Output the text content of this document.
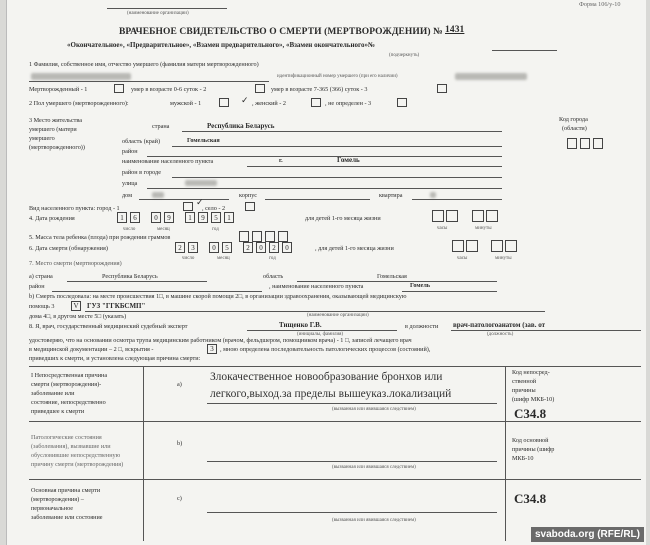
Форма 106/у-10
(наименование организации)
ВРАЧЕБНОЕ СВИДЕТЕЛЬСТВО О СМЕРТИ (МЕРТВОРОЖДЕНИИ) № 1431
«Окончательное», «Предварительное», «Взамен предварительного», «Взамен окончательного»№
(подчеркнуть)
1 Фамилия, собственное имя, отчество умершего (фамилия матери мертворожденного)
идентификационный номер умершего (при его наличии)
Мертворожденный - 1	умер в возрасте 0-6 суток - 2	умер в возрасте 7-365 (366) суток - 3
2 Пол умершего (мертворожденного):	мужской - 1	✓ , женский - 2	, не определен - 3
3 Место жительства
умершего (матери
умершего
(мертворожденного))
страна	Республика Беларусь
область (край)	Гомельская
район
наименование населенного пункта	г.	Гомель
район в городе
улица
дом	корпус	квартира
Код города
(области)
Вид населенного пункта: город - 1
✓
, село - 2
4. Дата рождения	1	6	0	9	1	9	5	1
число	месяц	год
для детей 1-го месяца жизни
часы	минуты
5. Масса тела ребенка (плода) при рождении граммов
6. Дата смерти (обнаружения)	2	3	0	5	2	0	2	0
число	месяц	год
, для детей 1-го месяца жизни
часы	минуты
7. Место смерти (мертворождения)
а) страна	Республика Беларусь	область	Гомельская
район	, наименование населенного пункта	Гомель
b) Смерть последовала: на месте происшествия 1□, в машине скорой помощи 2□, в организации здравоохранения, оказывающей медицинскую
помощь 3	V	ГУЗ "ГГКБСМП"
(наименование организации)
дома 4□, в другом месте 5□ (указать)
8. Я, врач, государственный медицинский судебный эксперт	Тищенко Г.В.
(инициалы, фамилия)
в должности врач-патологоанатом (зав. от
(должность)
удостоверяю, что на основании осмотра трупа медицинским работником (врачом, фельдшером, помощником врача) - 1 □, записей лечащего врач
в медицинской документации – 2 □, вскрытия -	3	, мною определена последовательность патологических процессов (состояний),
приведших к смерти, и установлена следующая причина смерти:
I Непосредственная причина
смерти (мертворождения)-
заболевание или
состояние, непосредственно
приведшее к смерти
а)
Злокачественное новообразование бронхов или
легкого,выход.за пределы вышеуказ.локализаций
(вызванная или явившаяся следствием)
Код непосред-
ственной
причины
(шифр МКБ-10)
С34.8
Патологические состояния
(заболевания), вызвавшие или
обусловившие непосредственную
причину смерти (мертворождения)
b)
(вызванная или явившаяся следствием)
Код основной
причины (шифр
МКБ-10
Основная причина смерти
(мертворождения) –
первоначальное
заболевание или состояние
c)
(вызванная или явившаяся следствием)
С34.8
svaboda.org (RFE/RL)
